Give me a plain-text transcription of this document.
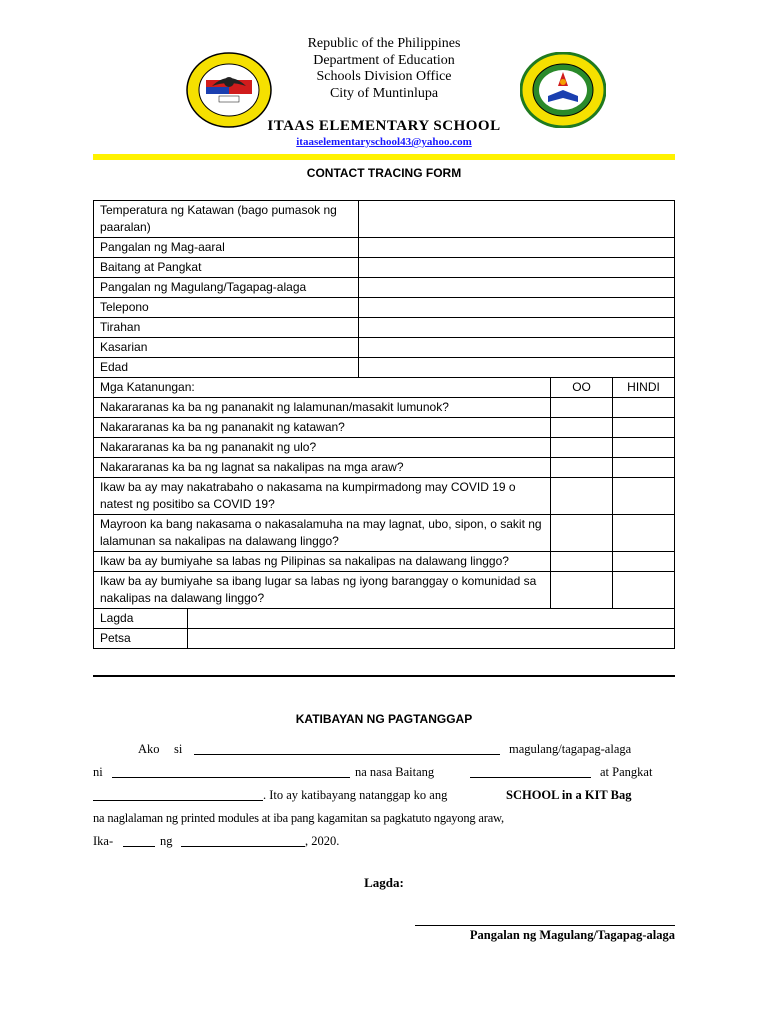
Republic of the Philippines
Department of Education
Schools Division Office
City of Muntinlupa
ITAAS ELEMENTARY SCHOOL
itaaselementaryschool43@yahoo.com
CONTACT TRACING FORM
Temperatura ng Katawan (bago pumasok ng paaralan)				
Pangalan ng Mag-aaral				
Baitang at Pangkat				
Pangalan ng Magulang/Tagapag-alaga				
Telepono				
Tirahan				
Kasarian				
Edad				
Mga Katanungan:			OO	HINDI
Nakararanas ka ba ng pananakit ng lalamunan/masakit lumunok?				
Nakararanas ka ba ng pananakit ng katawan?				
Nakararanas ka ba ng pananakit ng ulo?				
Nakararanas ka ba ng lagnat sa nakalipas na mga araw?				
Ikaw ba ay may nakatrabaho o nakasama na kumpirmadong may COVID 19 o natest ng positibo sa COVID 19?				
Mayroon ka bang nakasama o nakasalamuha na may lagnat, ubo, sipon, o sakit ng lalamunan sa nakalipas na dalawang linggo?				
Ikaw ba ay bumiyahe sa labas ng Pilipinas sa nakalipas na dalawang linggo?				
Ikaw ba ay bumiyahe sa ibang lugar sa labas ng iyong baranggay o komunidad sa nakalipas na dalawang linggo?				
Lagda				
Petsa				
KATIBAYAN NG PAGTANGGAP
Ako si	magulang/tagapag-alaga
ni	na nasa Baitang	at Pangkat
. Ito ay katibayang natanggap ko ang	SCHOOL in a KIT Bag
na naglalaman ng printed modules at iba pang kagamitan sa pagkatuto ngayong araw,
Ika-	ng	, 2020.
Lagda:
Pangalan ng Magulang/Tagapag-alaga
